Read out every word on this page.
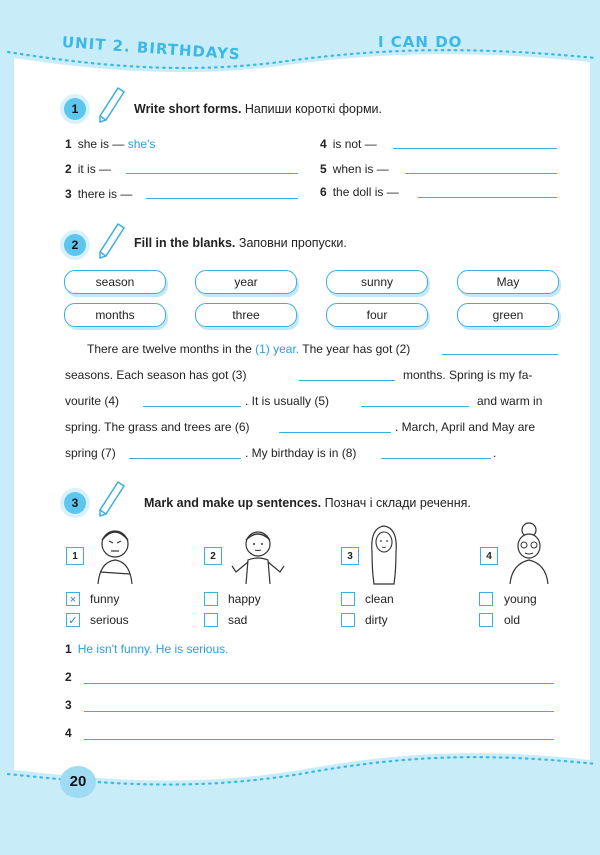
UNIT 2. BIRTHDAYS	I CAN DO
1	Write short forms. Напиши короткі форми.
1 she is — she's
2 it is —
3 there is —
4 is not —
5 when is —
6 the doll is —
2	Fill in the blanks. Заповни пропуски.
season	year	sunny	May
months	three	four	green
There are twelve months in the (1) year. The year has got (2)
seasons. Each season has got (3)	months. Spring is my fa-
vourite (4)	. It is usually (5)	and warm in
spring. The grass and trees are (6)	. March, April and May are
spring (7)	. My birthday is in (8)	.
3	Mark and make up sentences. Познач і склади речення.
1
×	funny
✓ serious
2
happy
sad
3
clean
dirty
4
young
old
1 He isn't funny. He is serious.
2
3
4
20
